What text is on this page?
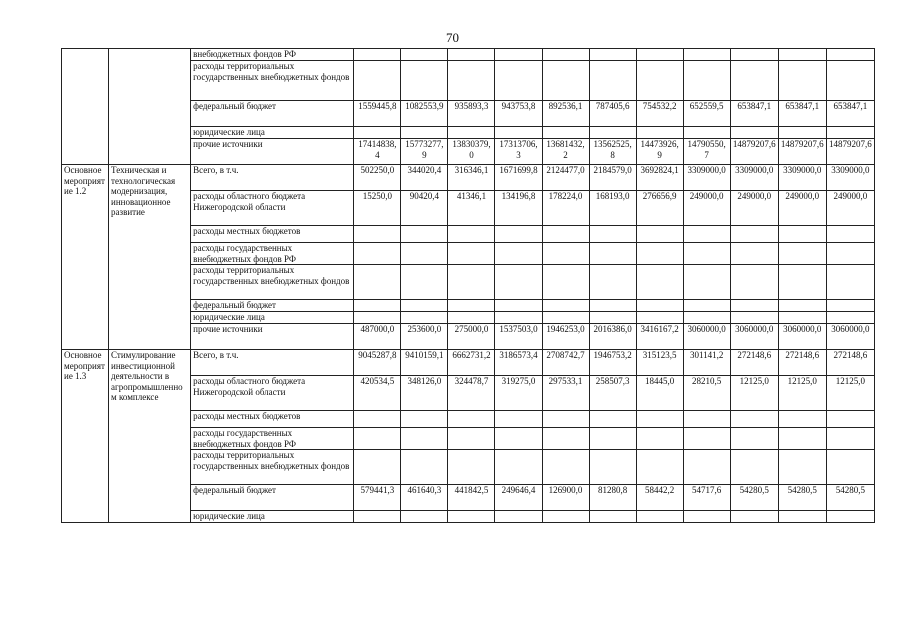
70
		внебюджетных фондов РФ											
		расходы территориальных государственных внебюджетных фондов											
		федеральный бюджет	1559445,8	1082553,9	935893,3	943753,8	892536,1	787405,6	754532,2	652559,5	653847,1	653847,1	653847,1
		юридические лица											
		прочие источники	17414838,4	15773277,9	13830379,0	17313706,3	13681432,2	13562525,8	14473926,9	14790550,7	14879207,6	14879207,6	14879207,6
Основное мероприятие 1.2	Техническая и технологическая модернизация, инновационное развитие	Всего, в т.ч.	502250,0	344020,4	316346,1	1671699,8	2124477,0	2184579,0	3692824,1	3309000,0	3309000,0	3309000,0	3309000,0
		расходы областного бюджета Нижегородской области	15250,0	90420,4	41346,1	134196,8	178224,0	168193,0	276656,9	249000,0	249000,0	249000,0	249000,0
		расходы местных бюджетов											
		расходы государственных внебюджетных фондов РФ											
		расходы территориальных государственных внебюджетных фондов											
		федеральный бюджет											
		юридические лица											
		прочие источники	487000,0	253600,0	275000,0	1537503,0	1946253,0	2016386,0	3416167,2	3060000,0	3060000,0	3060000,0	3060000,0
Основное мероприятие 1.3	Стимулирование инвестиционной деятельности в агропромышленном комплексе	Всего, в т.ч.	9045287,8	9410159,1	6662731,2	3186573,4	2708742,7	1946753,2	315123,5	301141,2	272148,6	272148,6	272148,6
		расходы областного бюджета Нижегородской области	420534,5	348126,0	324478,7	319275,0	297533,1	258507,3	18445,0	28210,5	12125,0	12125,0	12125,0
		расходы местных бюджетов											
		расходы государственных внебюджетных фондов РФ											
		расходы территориальных государственных внебюджетных фондов											
		федеральный бюджет	579441,3	461640,3	441842,5	249646,4	126900,0	81280,8	58442,2	54717,6	54280,5	54280,5	54280,5
		юридические лица											
